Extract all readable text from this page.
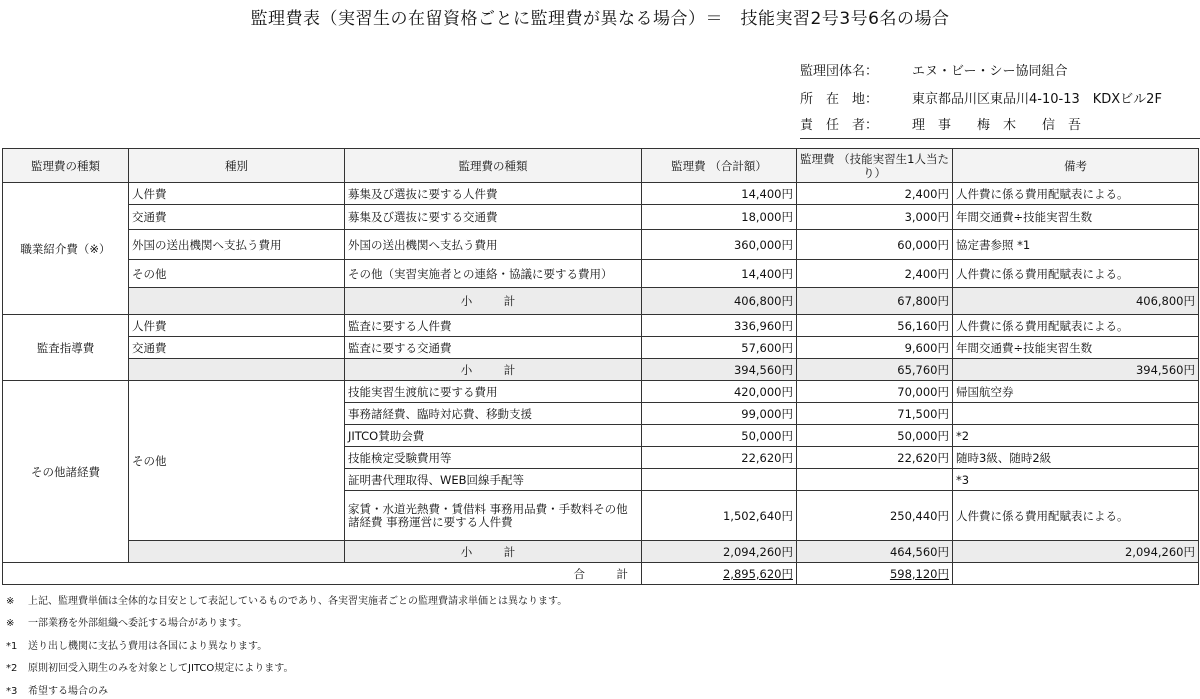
監理費表（実習生の在留資格ごとに監理費が異なる場合）＝　技能実習2号3号6名の場合
監理団体名：	エヌ・ビー・シー協同組合
所　在　地：	東京都品川区東品川4-10-13　KDXビル2F
責　任　者：	理　事　　梅　木　　信　吾
監理費の種類	種別	監理費の種類	監理費 （合計額）	監理費 （技能実習生1人当たり）	備考
職業紹介費（※）	人件費	募集及び選抜に要する人件費	14,400円	2,400円	人件費に係る費用配賦表による。
	交通費	募集及び選抜に要する交通費	18,000円	3,000円	年間交通費÷技能実習生数
	外国の送出機関へ支払う費用	外国の送出機関へ支払う費用	360,000円	60,000円	協定書参照 *1
	その他	その他（実習実施者との連絡・協議に要する費用）	14,400円	2,400円	人件費に係る費用配賦表による。
		小　計	406,800円	67,800円	406,800円
監査指導費	人件費	監査に要する人件費	336,960円	56,160円	人件費に係る費用配賦表による。
	交通費	監査に要する交通費	57,600円	9,600円	年間交通費÷技能実習生数
		小　計	394,560円	65,760円	394,560円
その他諸経費	その他	技能実習生渡航に要する費用	420,000円	70,000円	帰国航空券
		事務諸経費、臨時対応費、移動支援	99,000円	71,500円	
		JITCO賛助会費	50,000円	50,000円	*2
		技能検定受験費用等	22,620円	22,620円	随時3級、随時2級
		証明書代理取得、WEB回線手配等			*3
		家賃・水道光熱費・賃借料 事務用品費・手数料その他諸経費 事務運営に要する人件費	1,502,640円	250,440円	人件費に係る費用配賦表による。
		小　計	2,094,260円	464,560円	2,094,260円
合　計			2,895,620円	598,120円	
※ 上記、監理費単価は全体的な目安として表記しているものであり、各実習実施者ごとの監理費請求単価とは異なります。
※ 一部業務を外部組織へ委託する場合があります。
*1 送り出し機関に支払う費用は各国により異なります。
*2 原則初回受入期生のみを対象としてJITCO規定によります。
*3 希望する場合のみ
